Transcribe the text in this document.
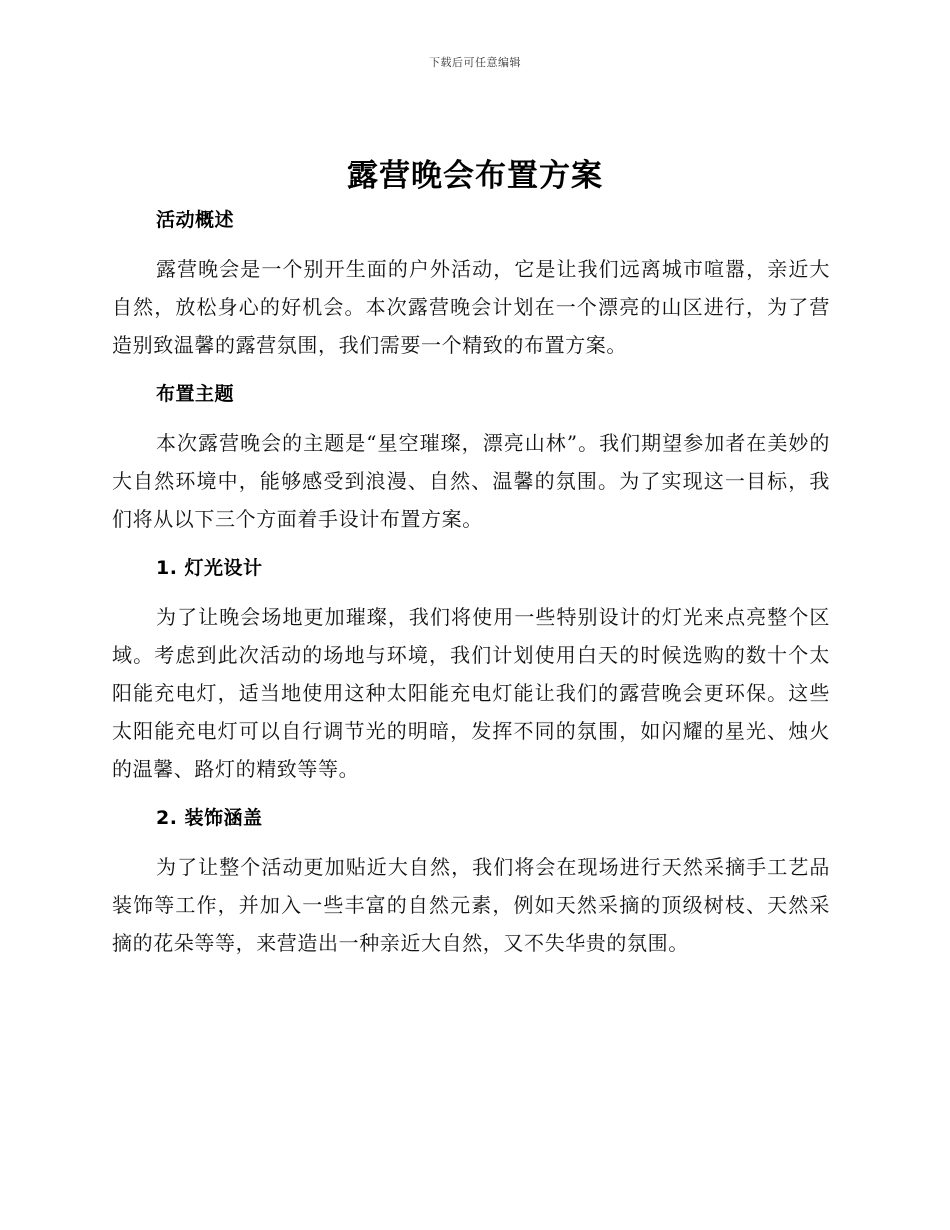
下载后可任意编辑
露营晚会布置方案
活动概述

露营晚会是一个别开生面的户外活动，它是让我们远离城市喧嚣，亲近大自然，放松身心的好机会。本次露营晚会计划在一个漂亮的山区进行，为了营造别致温馨的露营氛围，我们需要一个精致的布置方案。

布置主题

本次露营晚会的主题是“星空璀璨，漂亮山林”。我们期望参加者在美妙的大自然环境中，能够感受到浪漫、自然、温馨的氛围。为了实现这一目标，我们将从以下三个方面着手设计布置方案。

1. 灯光设计

为了让晚会场地更加璀璨，我们将使用一些特别设计的灯光来点亮整个区域。考虑到此次活动的场地与环境，我们计划使用白天的时候选购的数十个太阳能充电灯，适当地使用这种太阳能充电灯能让我们的露营晚会更环保。这些太阳能充电灯可以自行调节光的明暗，发挥不同的氛围，如闪耀的星光、烛火的温馨、路灯的精致等等。

2. 装饰涵盖

为了让整个活动更加贴近大自然，我们将会在现场进行天然采摘手工艺品装饰等工作，并加入一些丰富的自然元素，例如天然采摘的顶级树枝、天然采摘的花朵等等，来营造出一种亲近大自然，又不失华贵的氛围。
